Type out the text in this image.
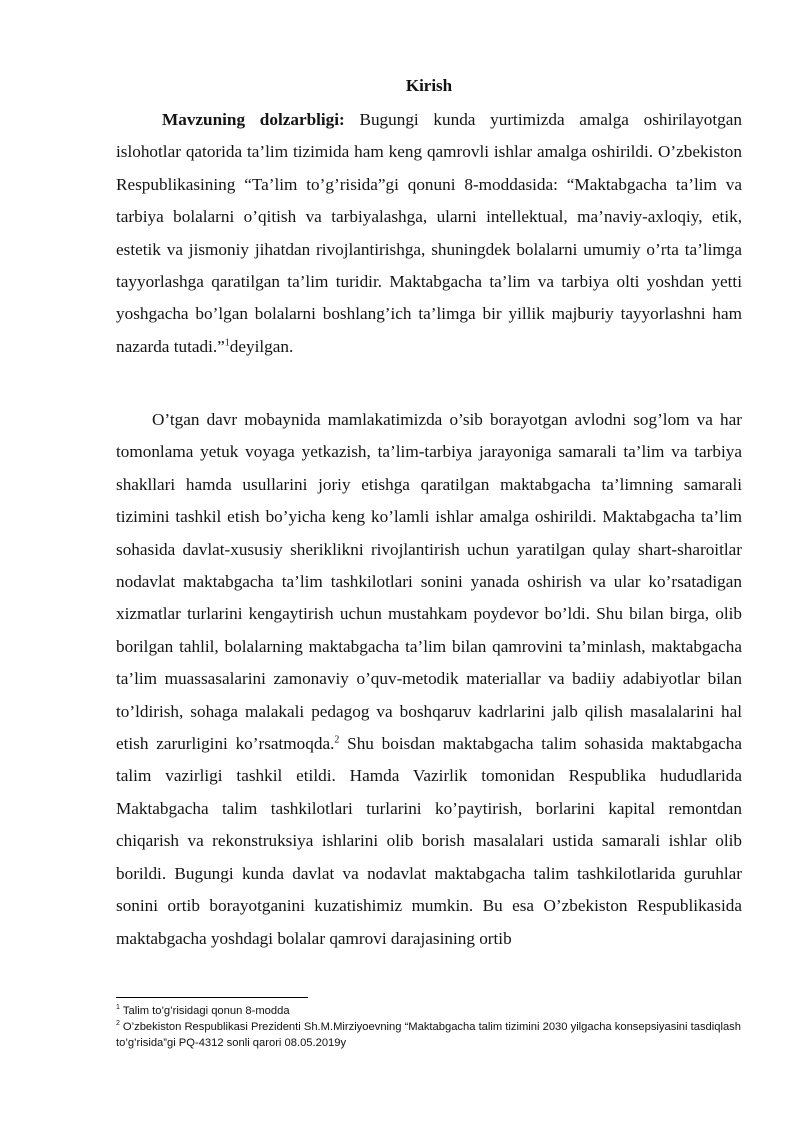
Kirish

Mavzuning dolzarbligi: Bugungi kunda yurtimizda amalga oshirilayotgan islohotlar qatorida ta’lim tizimida ham keng qamrovli ishlar amalga oshirildi. O’zbekiston Respublikasining “Ta’lim to’g’risida”gi qonuni 8-moddasida: “Maktabgacha ta’lim va tarbiya bolalarni o’qitish va tarbiyalashga, ularni intellektual, ma’naviy-axloqiy, etik, estetik va jismoniy jihatdan rivojlantirishga, shuningdek bolalarni umumiy o’rta ta’limga tayyorlashga qaratilgan ta’lim turidir. Maktabgacha ta’lim va tarbiya olti yoshdan yetti yoshgacha bo’lgan bolalarni boshlang’ich ta’limga bir yillik majburiy tayyorlashni ham nazarda tutadi.”$^1$deyilgan.

O’tgan davr mobaynida mamlakatimizda o’sib borayotgan avlodni sog’lom va har tomonlama yetuk voyaga yetkazish, ta’lim-tarbiya jarayoniga samarali ta’lim va tarbiya shakllari hamda usullarini joriy etishga qaratilgan maktabgacha ta’limning samarali tizimini tashkil etish bo’yicha keng ko’lamli ishlar amalga oshirildi. Maktabgacha ta’lim sohasida davlat-xususiy sheriklikni rivojlantirish uchun yaratilgan qulay shart-sharoitlar nodavlat maktabgacha ta’lim tashkilotlari sonini yanada oshirish va ular ko’rsatadigan xizmatlar turlarini kengaytirish uchun mustahkam poydevor bo’ldi. Shu bilan birga, olib borilgan tahlil, bolalarning maktabgacha ta’lim bilan qamrovini ta’minlash, maktabgacha ta’lim muassasalarini zamonaviy o’quv-metodik materiallar va badiiy adabiyotlar bilan to’ldirish, sohaga malakali pedagog va boshqaruv kadrlarini jalb qilish masalalarini hal etish zarurligini ko’rsatmoqda.$^2$ Shu boisdan maktabgacha talim sohasida maktabgacha talim vazirligi tashkil etildi. Hamda Vazirlik tomonidan Respublika hududlarida Maktabgacha talim tashkilotlari turlarini ko’paytirish, borlarini kapital remontdan chiqarish va rekonstruksiya ishlarini olib borish masalalari ustida samarali ishlar olib borildi. Bugungi kunda davlat va nodavlat maktabgacha talim tashkilotlarida guruhlar sonini ortib borayotganini kuzatishimiz mumkin. Bu esa O’zbekiston Respublikasida maktabgacha yoshdagi bolalar qamrovi darajasining ortib

$^1$ Talim to’g’risidagi qonun 8-modda

$^2$ O’zbekiston Respublikasi Prezidenti Sh.M.Mirziyoevning “Maktabgacha talim tizimini 2030 yilgacha konsepsiyasini tasdiqlash to’g’risida”gi PQ-4312 sonli qarori 08.05.2019y
